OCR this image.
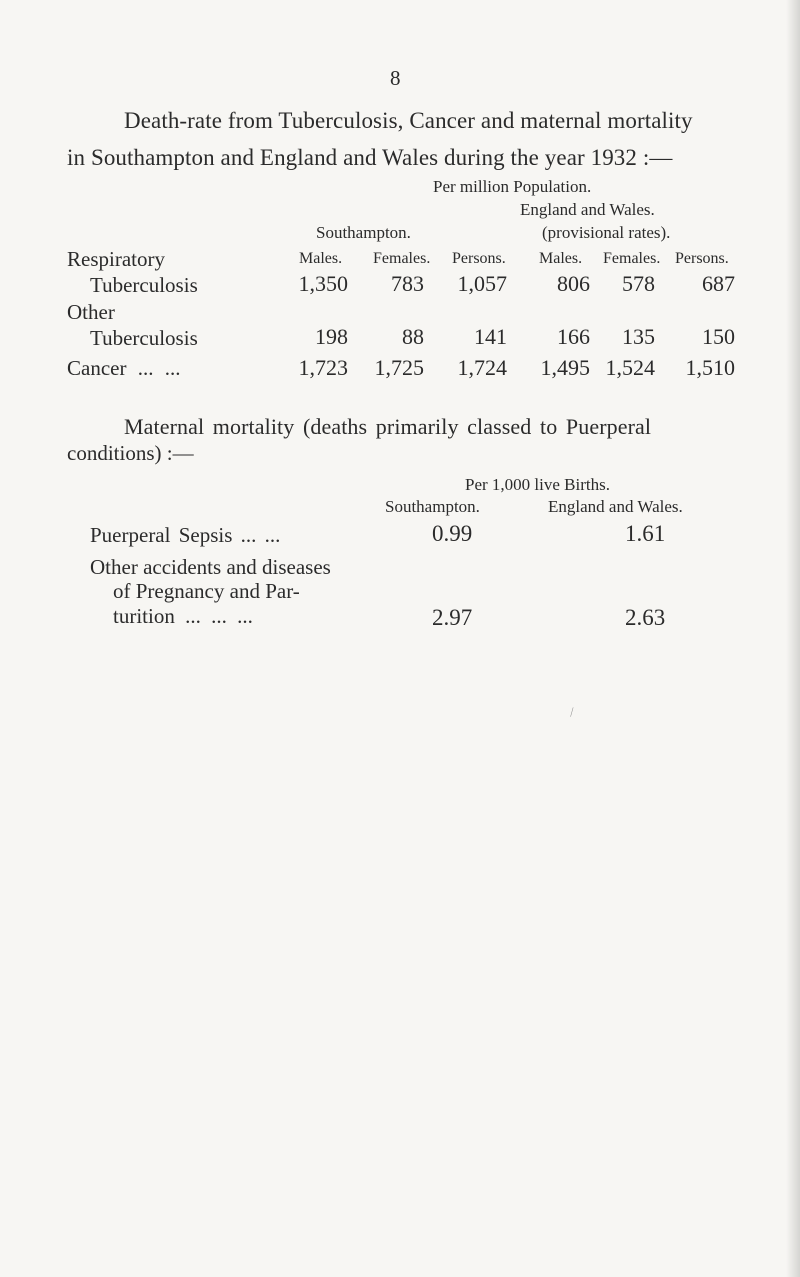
8
Death-rate from Tuberculosis, Cancer and maternal mortality
in Southampton and England and Wales during the year 1932 :—
Per million Population.
England and Wales.
Southampton.	(provisional rates).
Males. Females. Persons. Males. Females. Persons.
Respiratory
Tuberculosis	1,350	783	1,057	806	578	687
Other
Tuberculosis	198	88	141	166	135	150
Cancer ... ...	1,723	1,725	1,724	1,495 1,524	1,510
Maternal mortality (deaths primarily classed to Puerperal
conditions) :—
Per 1,000 live Births.
Southampton.	England and Wales.
Puerperal Sepsis ... ...	0.99	1.61
Other accidents and diseases
of Pregnancy and Par-
turition ... ... ...	2.97	2.63
∕
